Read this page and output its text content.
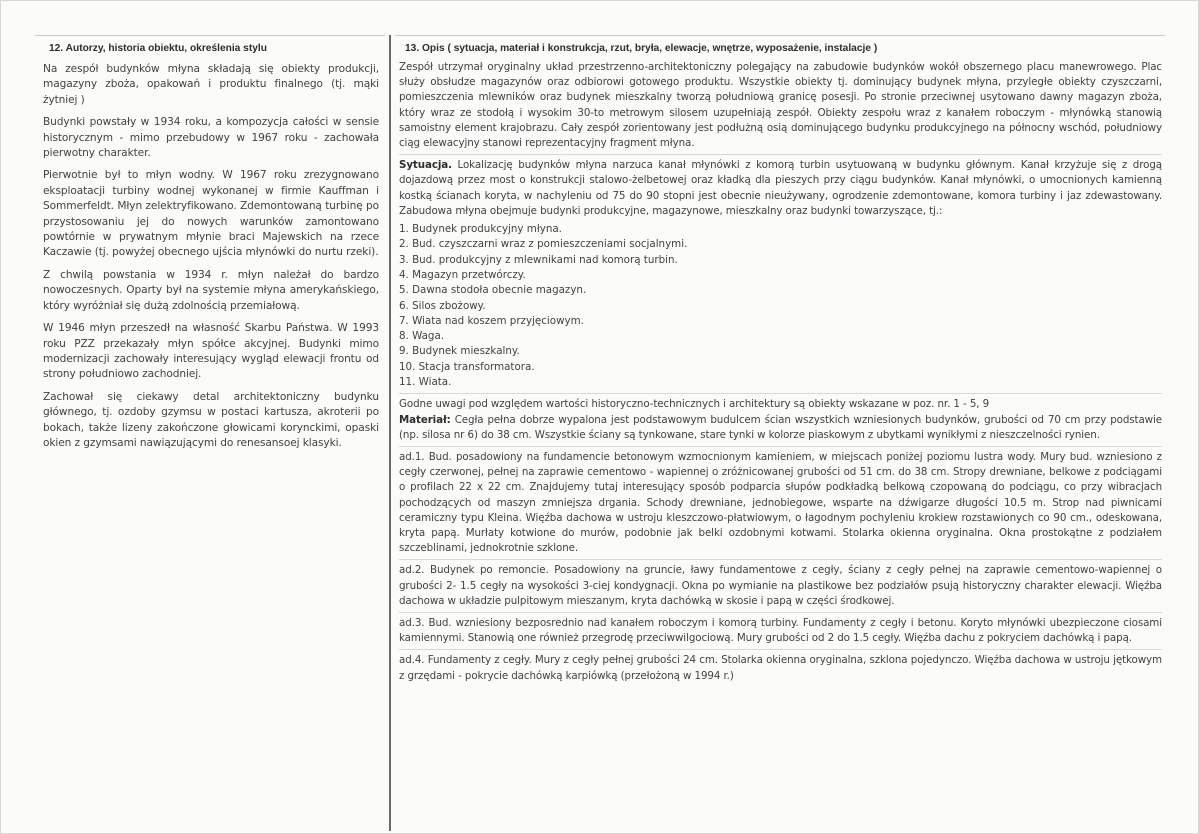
12. Autorzy, historia obiektu, określenia stylu

Na zespół budynków młyna składają się obiekty produkcji, magazyny zboża, opakowań i produktu finalnego (tj. mąki żytniej )

Budynki powstały w 1934 roku, a kompozycja całości w sensie historycznym - mimo przebudowy w 1967 roku - zachowała pierwotny charakter.

Pierwotnie był to młyn wodny. W 1967 roku zrezygnowano eksploatacji turbiny wodnej wykonanej w firmie Kauffman i Sommerfeldt. Młyn zelektryfikowano. Zdemontowaną turbinę po przystosowaniu jej do nowych warunków zamontowano powtórnie w prywatnym młynie braci Majewskich na rzece Kaczawie (tj. powyżej obecnego ujścia młynówki do nurtu rzeki).

Z chwilą powstania w 1934 r. młyn należał do bardzo nowoczesnych. Oparty był na systemie młyna amerykańskiego, który wyróżniał się dużą zdolnością przemiałową.

W 1946 młyn przeszedł na własność Skarbu Państwa. W 1993 roku PZZ przekazały młyn spółce akcyjnej. Budynki mimo modernizacji zachowały interesujący wygląd elewacji frontu od strony południowo zachodniej.

Zachował się ciekawy detal architektoniczny budynku głównego, tj. ozdoby gzymsu w postaci kartusza, akroterii po bokach, także lizeny zakończone głowicami korynckimi, opaski okien z gzymsami nawiązującymi do renesansoej klasyki.

13. Opis ( sytuacja, materiał i konstrukcja, rzut, bryła, elewacje, wnętrze, wyposażenie, instalacje )

Zespół utrzymał oryginalny układ przestrzenno-architektoniczny polegający na zabudowie budynków wokół obszernego placu manewrowego. Plac służy obsłudze magazynów oraz odbiorowi gotowego produktu. Wszystkie obiekty tj. dominujący budynek młyna, przyległe obiekty czyszczarni, pomieszczenia mlewników oraz budynek mieszkalny tworzą południową granicę posesji. Po stronie przeciwnej usytowano dawny magazyn zboża, który wraz ze stodołą i wysokim 30-to metrowym silosem uzupełniają zespół. Obiekty zespołu wraz z kanałem roboczym - młynówką stanowią samoistny element krajobrazu. Cały zespół zorientowany jest podłużną osią dominującego budynku produkcyjnego na północny wschód, południowy ciąg elewacyjny stanowi reprezentacyjny fragment młyna.

Sytuacja. Lokalizację budynków młyna narzuca kanał młynówki z komorą turbin usytuowaną w budynku głównym. Kanał krzyżuje się z drogą dojazdową przez most o konstrukcji stalowo-żelbetowej oraz kładką dla pieszych przy ciągu budynków. Kanał młynówki, o umocnionych kamienną kostką ścianach koryta, w nachyleniu od 75 do 90 stopni jest obecnie nieużywany, ogrodzenie zdemontowane, komora turbiny i jaz zdewastowany. Zabudowa młyna obejmuje budynki produkcyjne, magazynowe, mieszkalny oraz budynki towarzyszące, tj.:

1. Budynek produkcyjny młyna.
2. Bud. czyszczarni wraz z pomieszczeniami socjalnymi.
3. Bud. produkcyjny z mlewnikami nad komorą turbin.
4. Magazyn przetwórczy.
5. Dawna stodoła obecnie magazyn.
6. Silos zbożowy.
7. Wiata nad koszem przyjęciowym.
8. Waga.
9. Budynek mieszkalny.
10. Stacja transformatora.
11. Wiata.

Godne uwagi pod względem wartości historyczno-technicznych i architektury są obiekty wskazane w poz. nr. 1 - 5, 9

Materiał: Cegła pełna dobrze wypalona jest podstawowym budulcem ścian wszystkich wzniesionych budynków, grubości od 70 cm przy podstawie (np. silosa nr 6) do 38 cm. Wszystkie ściany są tynkowane, stare tynki w kolorze piaskowym z ubytkami wynikłymi z nieszczelności rynien.

ad.1. Bud. posadowiony na fundamencie betonowym wzmocnionym kamieniem, w miejscach poniżej poziomu lustra wody. Mury bud. wzniesiono z cegły czerwonej, pełnej na zaprawie cementowo - wapiennej o zróżnicowanej grubości od 51 cm. do 38 cm. Stropy drewniane, belkowe z podciągami o profilach 22 x 22 cm. Znajdujemy tutaj interesujący sposób podparcia słupów podkładką belkową czopowaną do podciągu, co przy wibracjach pochodzących od maszyn zmniejsza drgania. Schody drewniane, jednobiegowe, wsparte na dźwigarze długości 10.5 m. Strop nad piwnicami ceramiczny typu Kleina. Więźba dachowa w ustroju kleszczowo-płatwiowym, o łagodnym pochyleniu krokiew rozstawionych co 90 cm., odeskowana, kryta papą. Murłaty kotwione do murów, podobnie jak belki ozdobnymi kotwami. Stolarka okienna oryginalna. Okna prostokątne z podziałem szczeblinami, jednokrotnie szklone.

ad.2. Budynek po remoncie. Posadowiony na gruncie, ławy fundamentowe z cegły, ściany z cegły pełnej na zaprawie cementowo-wapiennej o grubości 2- 1.5 cegły na wysokości 3-ciej kondygnacji. Okna po wymianie na plastikowe bez podziałów psują historyczny charakter elewacji. Więźba dachowa w układzie pulpitowym mieszanym, kryta dachówką w skosie i papą w części środkowej.

ad.3. Bud. wzniesiony bezposrednio nad kanałem roboczym i komorą turbiny. Fundamenty z cegły i betonu. Koryto młynówki ubezpieczone ciosami kamiennymi. Stanowią one również przegrodę przeciwwilgociową. Mury grubości od 2 do 1.5 cegły. Więźba dachu z pokryciem dachówką i papą.

ad.4. Fundamenty z cegły. Mury z cegły pełnej grubości 24 cm. Stolarka okienna oryginalna, szklona pojedynczo. Więźba dachowa w ustroju jętkowym z grzędami - pokrycie dachówką karpiówką (przełożoną w 1994 r.)
